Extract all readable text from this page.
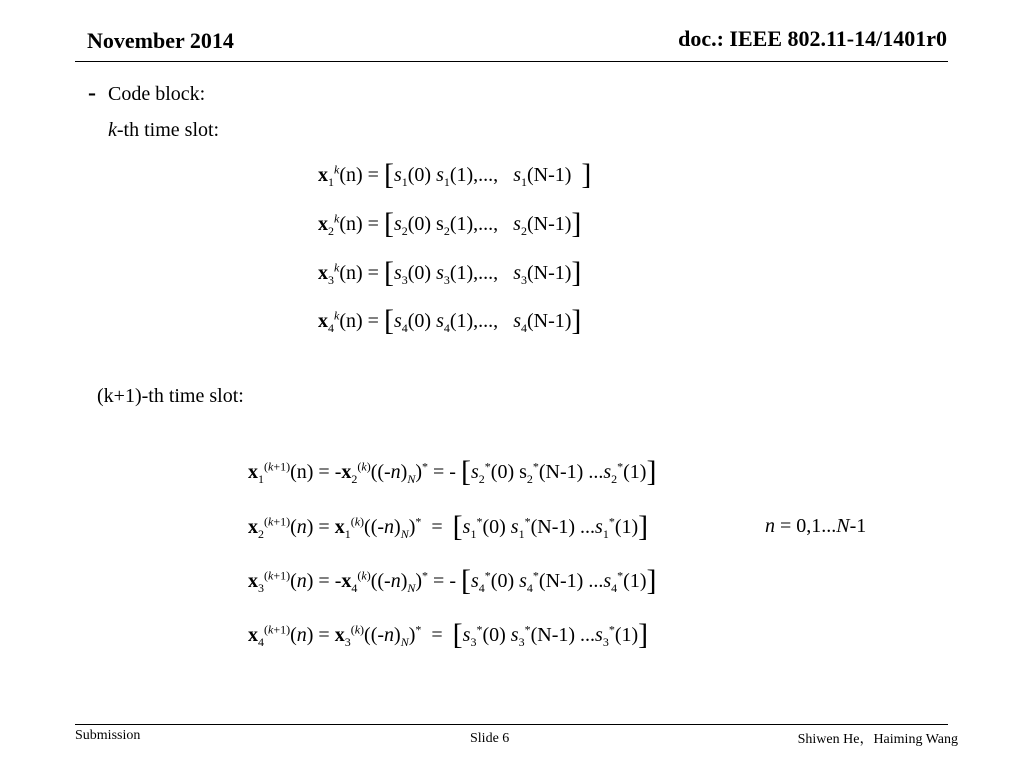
November 2014	doc.: IEEE 802.11-14/1401r0
- Code block:
k-th time slot:
$x_1^k(n) = [s_1(0)$ $s_1(1)$,...,   $s_1(N-1)$  ]
$x_2^k(n) = [s_2(0)$ $s_2(1)$,...,   $s_2(N-1)$]
$x_3^k(n) = [s_3(0)$ $s_3(1)$,...,   $s_3(N-1)$]
$x_4^k(n) = [s_4(0)$ $s_4(1)$,...,   $s_4(N-1)$]
(k+1)-th time slot:
$x_1^{(k+1)}(n) = -x_2^{(k)}((-n)_N)^*$ = - [$s_2^*(0)$ $s_2^*(N-1)$ $...s_2^*(1)$]
$x_2^{(k+1)}(n) = x_1^{(k)}((-n)_N)^* = [s_1^*(0)$ $s_1^*(N-1)$ $...s_1^*(1)$]	n = 0,1...N-1
$x_3^{(k+1)}(n) = -x_4^{(k)}((-n)_N)^*$ = - [$s_4^*(0)$ $s_4^*(N-1)$ $...s_4^*(1)$]
$x_4^{(k+1)}(n) = x_3^{(k)}((-n)_N)^* = [s_3^*(0)$ $s_3^*(N-1)$ $...s_3^*(1)$]
Submission	Slide 6	Shiwen He，Haiming Wang
